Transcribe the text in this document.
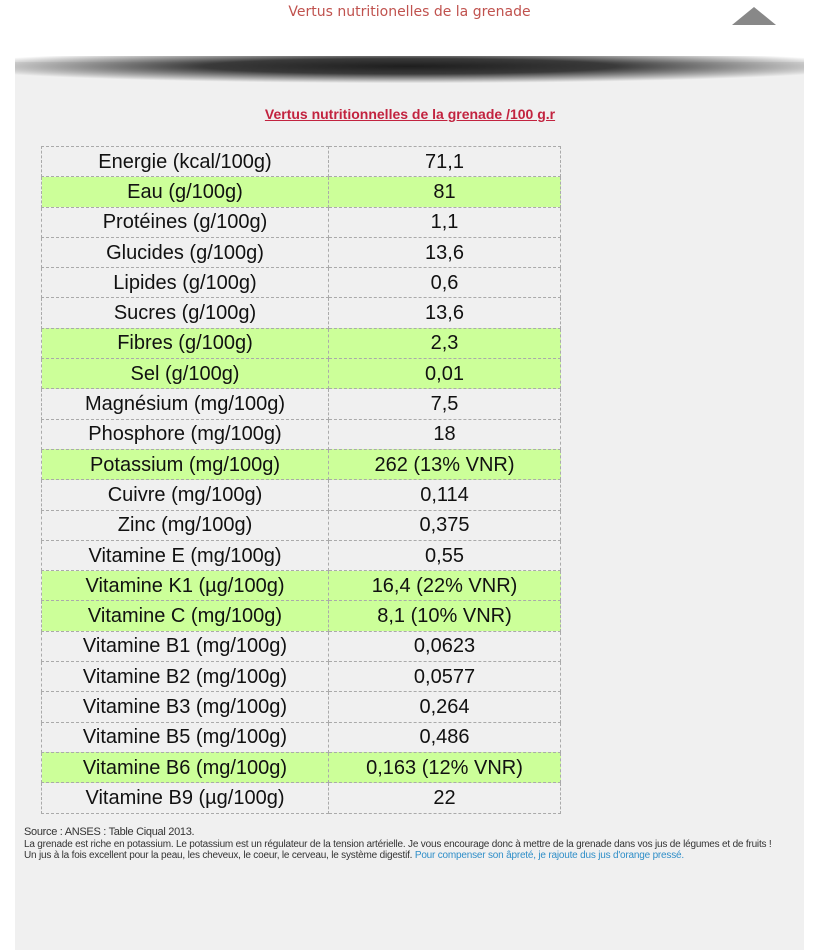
Vertus nutritionelles de la grenade
Vertus nutritionnelles de la grenade /100 g.r
Energie (kcal/100g)	71,1
Eau (g/100g)	81
Protéines (g/100g)	1,1
Glucides (g/100g)	13,6
Lipides (g/100g)	0,6
Sucres (g/100g)	13,6
Fibres (g/100g)	2,3
Sel (g/100g)	0,01
Magnésium (mg/100g)	7,5
Phosphore (mg/100g)	18
Potassium (mg/100g)	262 (13% VNR)
Cuivre (mg/100g)	0,114
Zinc (mg/100g)	0,375
Vitamine E (mg/100g)	0,55
Vitamine K1 (µg/100g)	16,4 (22% VNR)
Vitamine C (mg/100g)	8,1 (10% VNR)
Vitamine B1 (mg/100g)	0,0623
Vitamine B2 (mg/100g)	0,0577
Vitamine B3 (mg/100g)	0,264
Vitamine B5 (mg/100g)	0,486
Vitamine B6 (mg/100g)	0,163 (12% VNR)
Vitamine B9 (µg/100g)	22
Source : ANSES : Table Ciqual 2013.
La grenade est riche en potassium. Le potassium est un régulateur de la tension artérielle. Je vous encourage donc à mettre de la grenade dans vos jus de légumes et de fruits !
Un jus à la fois excellent pour la peau, les cheveux, le coeur, le cerveau, le système digestif. Pour compenser son âpreté, je rajoute dus jus d'orange pressé.
